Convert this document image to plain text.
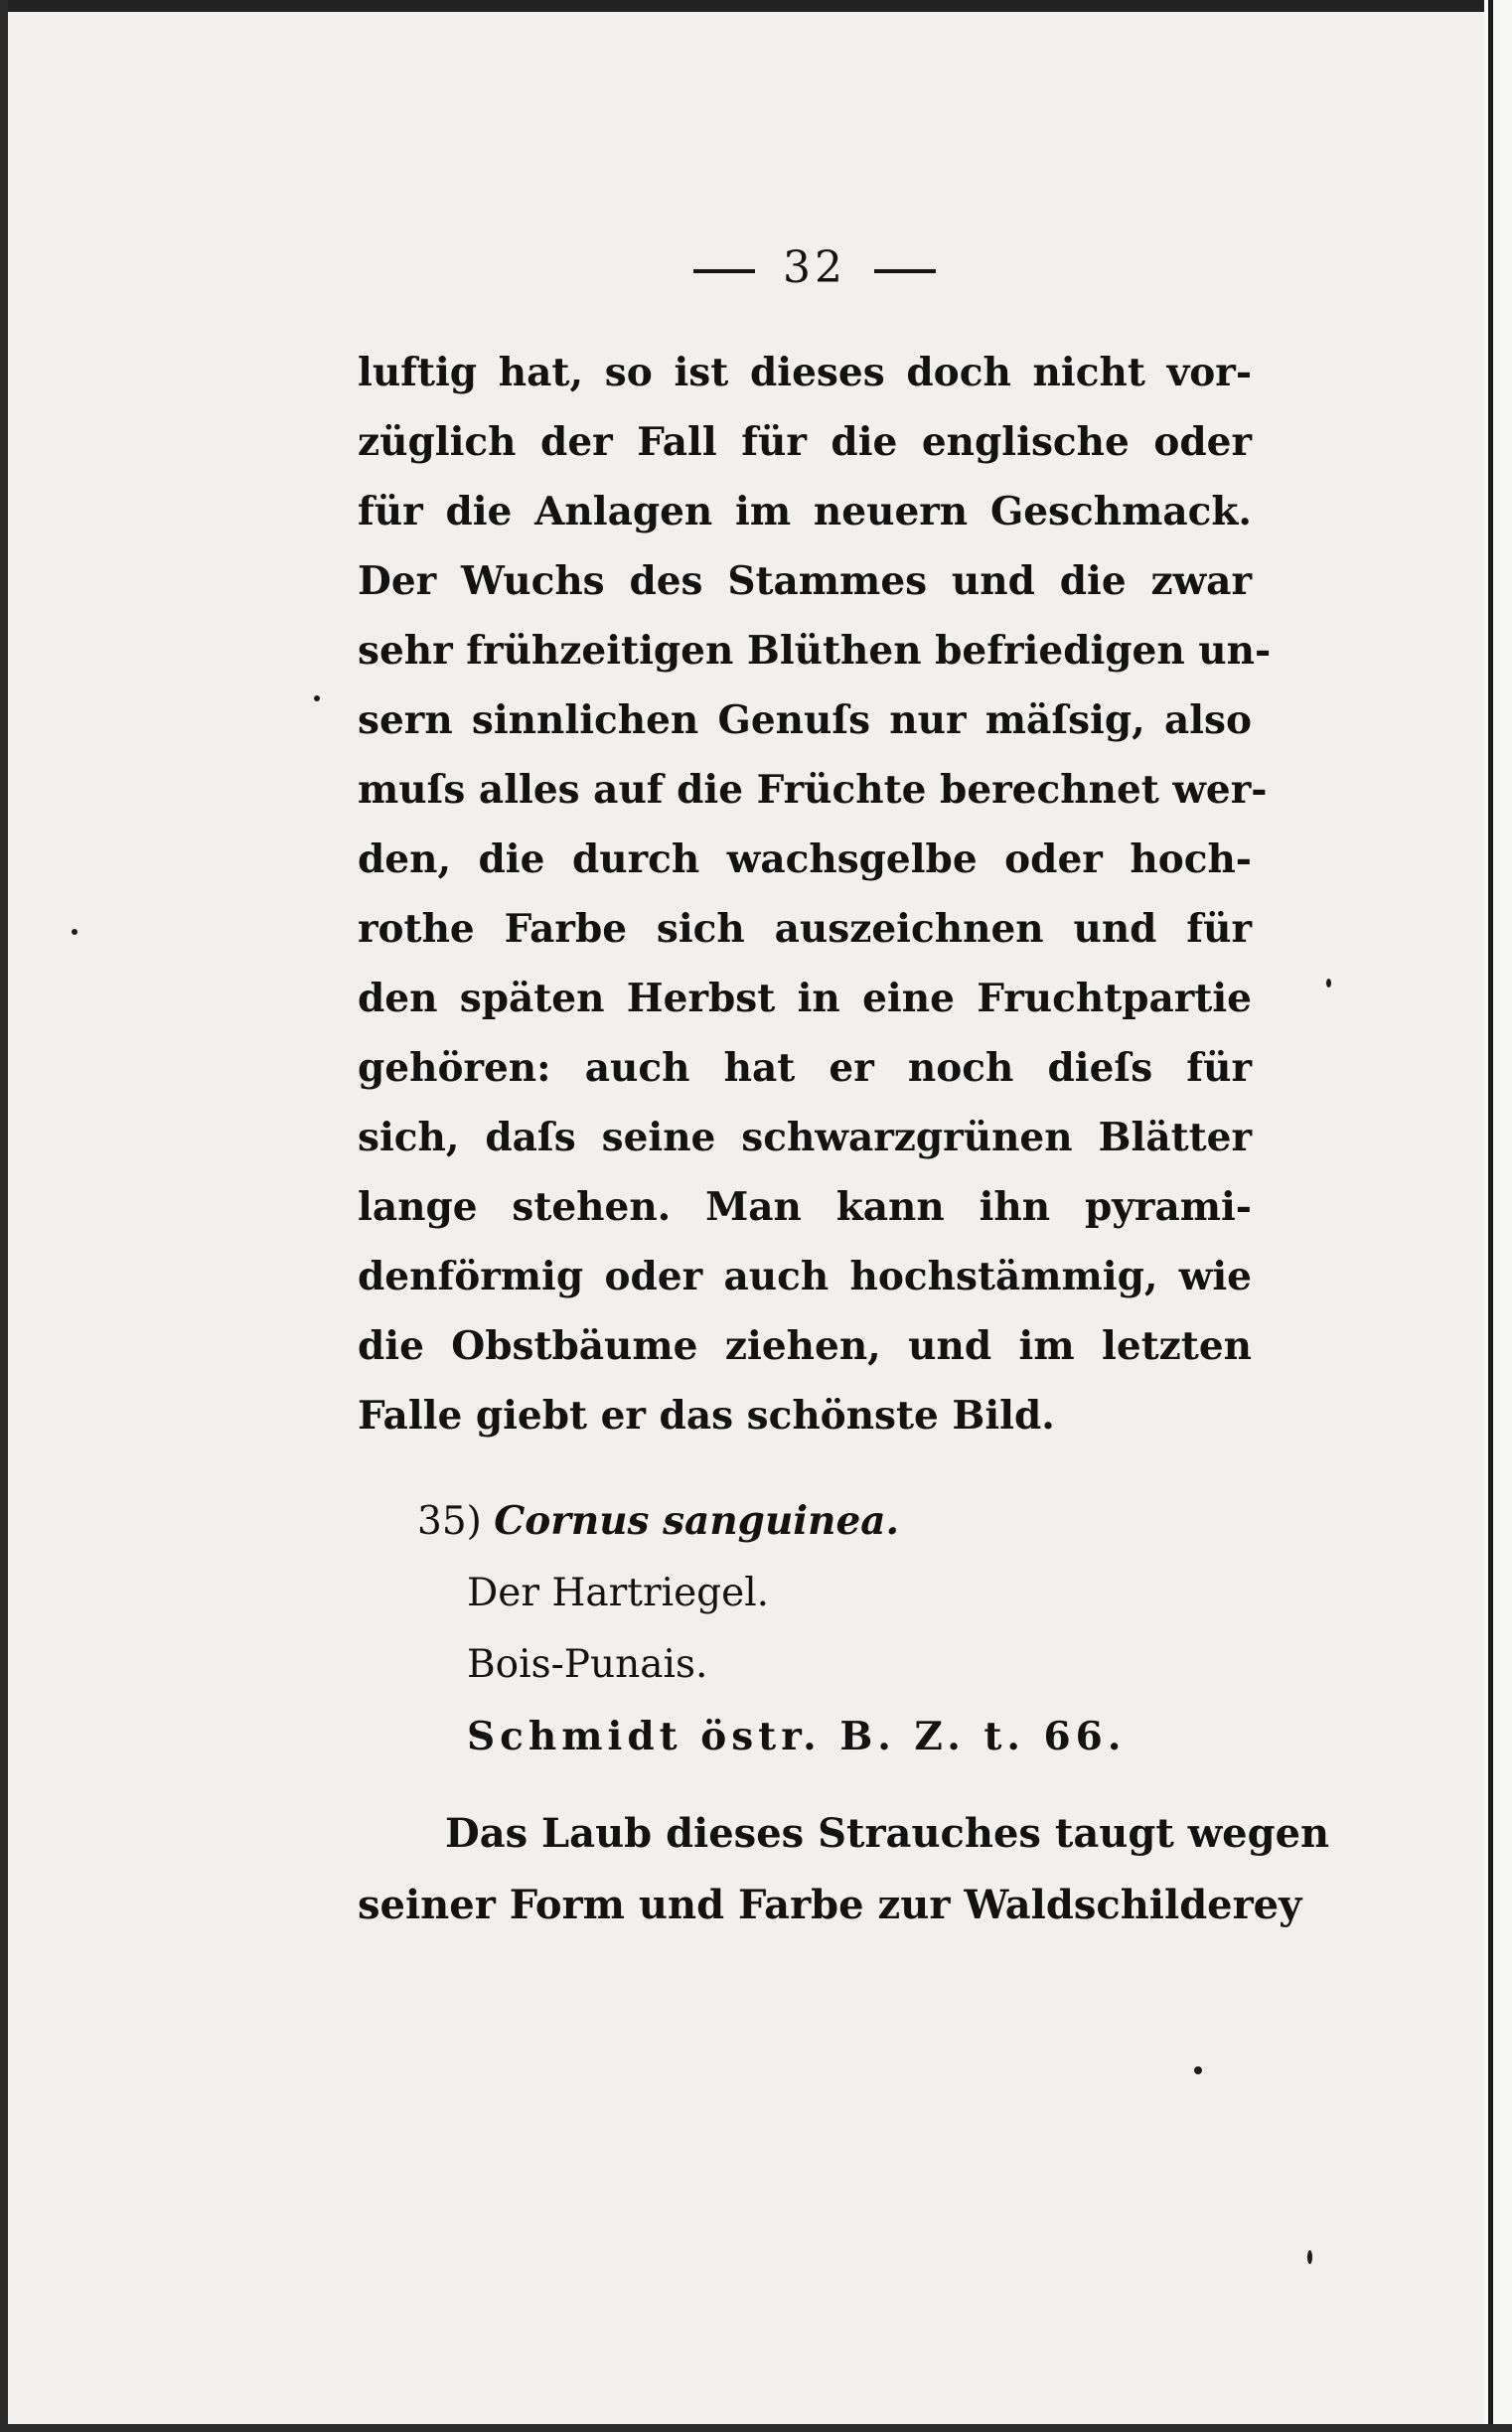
32
luftig hat, so ist dieses doch nicht vor-
züglich der Fall für die englische oder
für die Anlagen im neuern Geschmack.
Der Wuchs des Stammes und die zwar
sehr frühzeitigen Blüthen befriedigen un-
sern sinnlichen Genuſs nur mäſsig, also
muſs alles auf die Früchte berechnet wer-
den, die durch wachsgelbe oder hoch-
rothe Farbe sich auszeichnen und für
den späten Herbst in eine Fruchtpartie
gehören: auch hat er noch dieſs für
sich, daſs seine schwarzgrünen Blätter
lange stehen. Man kann ihn pyrami-
denförmig oder auch hochstämmig, wie
die Obstbäume ziehen, und im letzten
Falle giebt er das schönste Bild.
35) Cornus sanguinea.
Der Hartriegel.
Bois-Punais.
Schmidt östr. B. Z. t. 66.
Das Laub dieses Strauches taugt wegen
seiner Form und Farbe zur Waldschilderey
